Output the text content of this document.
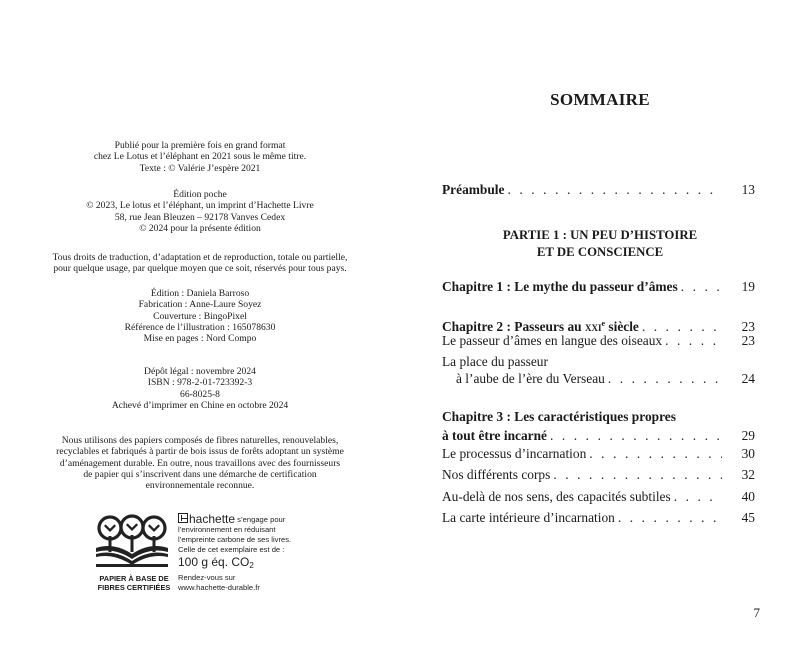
Publié pour la première fois en grand format
chez Le Lotus et l’éléphant en 2021 sous le même titre.
Texte : © Valérie J’espère 2021
Édition poche
© 2023, Le lotus et l’éléphant, un imprint d’Hachette Livre
58, rue Jean Bleuzen – 92178 Vanves Cedex
© 2024 pour la présente édition
Tous droits de traduction, d’adaptation et de reproduction, totale ou partielle,
pour quelque usage, par quelque moyen que ce soit, réservés pour tous pays.
Édition : Daniela Barroso
Fabrication : Anne-Laure Soyez
Couverture : BingoPixel
Référence de l’illustration : 165078630
Mise en pages : Nord Compo
Dépôt légal : novembre 2024
ISBN : 978-2-01-723392-3
66-8025-8
Achevé d’imprimer en Chine en octobre 2024
Nous utilisons des papiers composés de fibres naturelles, renouvelables,
recyclables et fabriqués à partir de bois issus de forêts adoptant un système
d’aménagement durable. En outre, nous travaillons avec des fournisseurs
de papier qui s’inscrivent dans une démarche de certification
environnementale reconnue.
PAPIER À BASE DE
FIBRES CERTIFIÉES
hachette s’engage pour
l’environnement en réduisant
l’empreinte carbone de ses livres.
Celle de cet exemplaire est de :
100 g éq. $CO_2$
Rendez-vous sur
www.hachette-durable.fr
SOMMAIRE
Préambule . . .	13
PARTIE 1 : UN PEU D’HISTOIRE
ET DE CONSCIENCE
Chapitre 1 : Le mythe du passeur d’âmes . . .	19
Chapitre 2 : Passeurs au xxi$^e$ siècle . . .	23
Le passeur d’âmes en langue des oiseaux . . .	23
La place du passeur
à l’aube de l’ère du Verseau . . .	24
Chapitre 3 : Les caractéristiques propres
à tout être incarné . . .	29
Le processus d’incarnation . . .	30
Nos différents corps . . .	32
Au-delà de nos sens, des capacités subtiles . . .	40
La carte intérieure d’incarnation . . .	45
7
